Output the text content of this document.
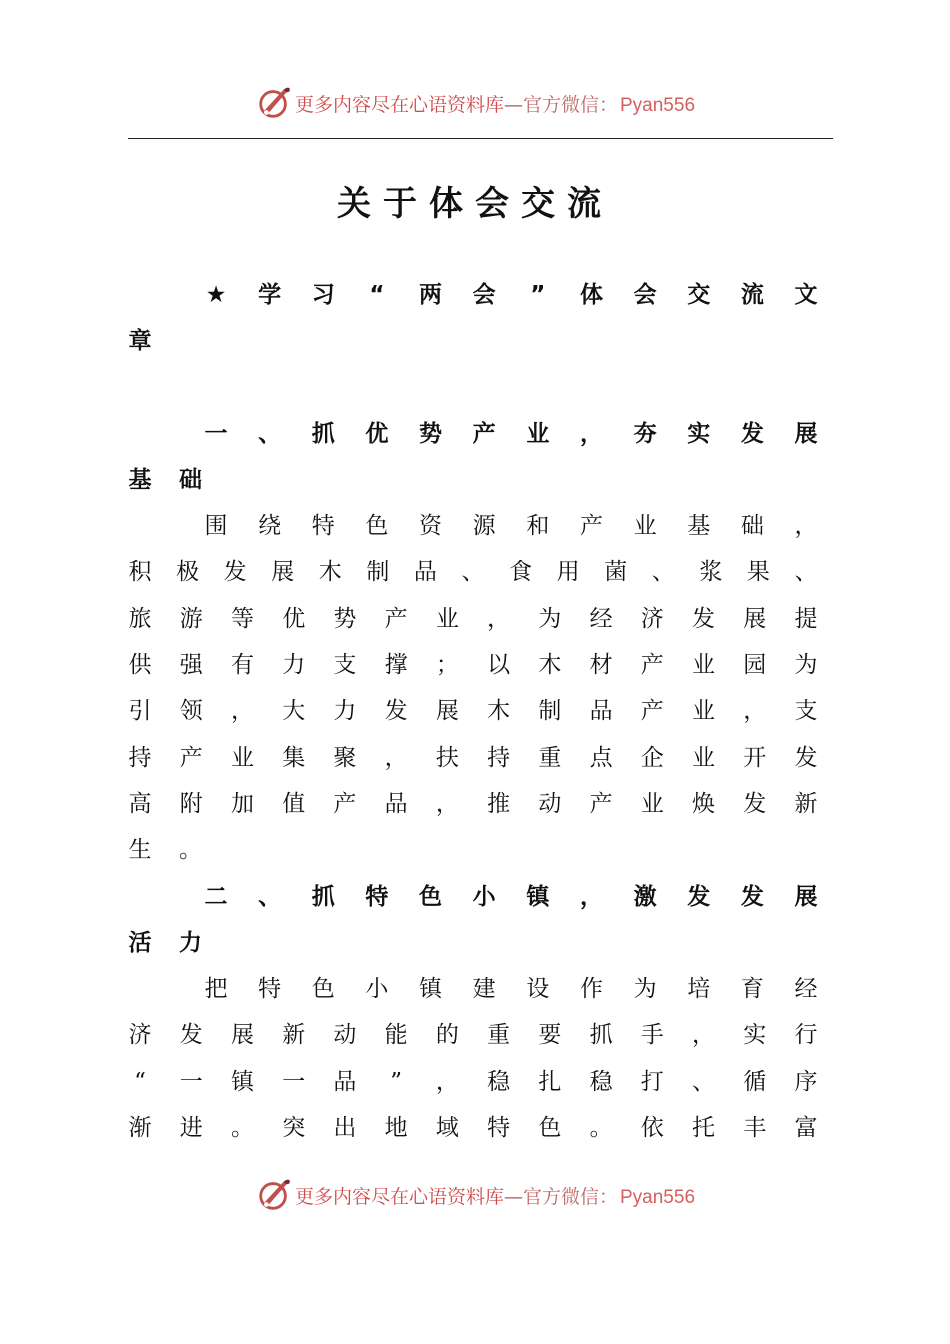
更多内容尽在心语资料库—官方微信： Pyan556
关于体会交流
★ 学 习 “ 两 会 ” 体 会 交 流 文
章
一 、 抓 优 势 产 业 ， 夯 实 发 展
基 础
围 绕 特 色 资 源 和 产 业 基 础 ，
积 极 发 展 木 制 品 、 食 用 菌 、 浆 果 、
旅 游 等 优 势 产 业 ， 为 经 济 发 展 提
供 强 有 力 支 撑 ； 以 木 材 产 业 园 为
引 领 ， 大 力 发 展 木 制 品 产 业 ， 支
持 产 业 集 聚 ， 扶 持 重 点 企 业 开 发
高 附 加 值 产 品 ， 推 动 产 业 焕 发 新
生 。
二 、 抓 特 色 小 镇 ， 激 发 发 展
活 力
把 特 色 小 镇 建 设 作 为 培 育 经
济 发 展 新 动 能 的 重 要 抓 手 ， 实 行
“ 一 镇 一 品 ” ， 稳 扎 稳 打 、 循 序
渐 进 。 突 出 地 域 特 色 。 依 托 丰 富
更多内容尽在心语资料库—官方微信： Pyan556
